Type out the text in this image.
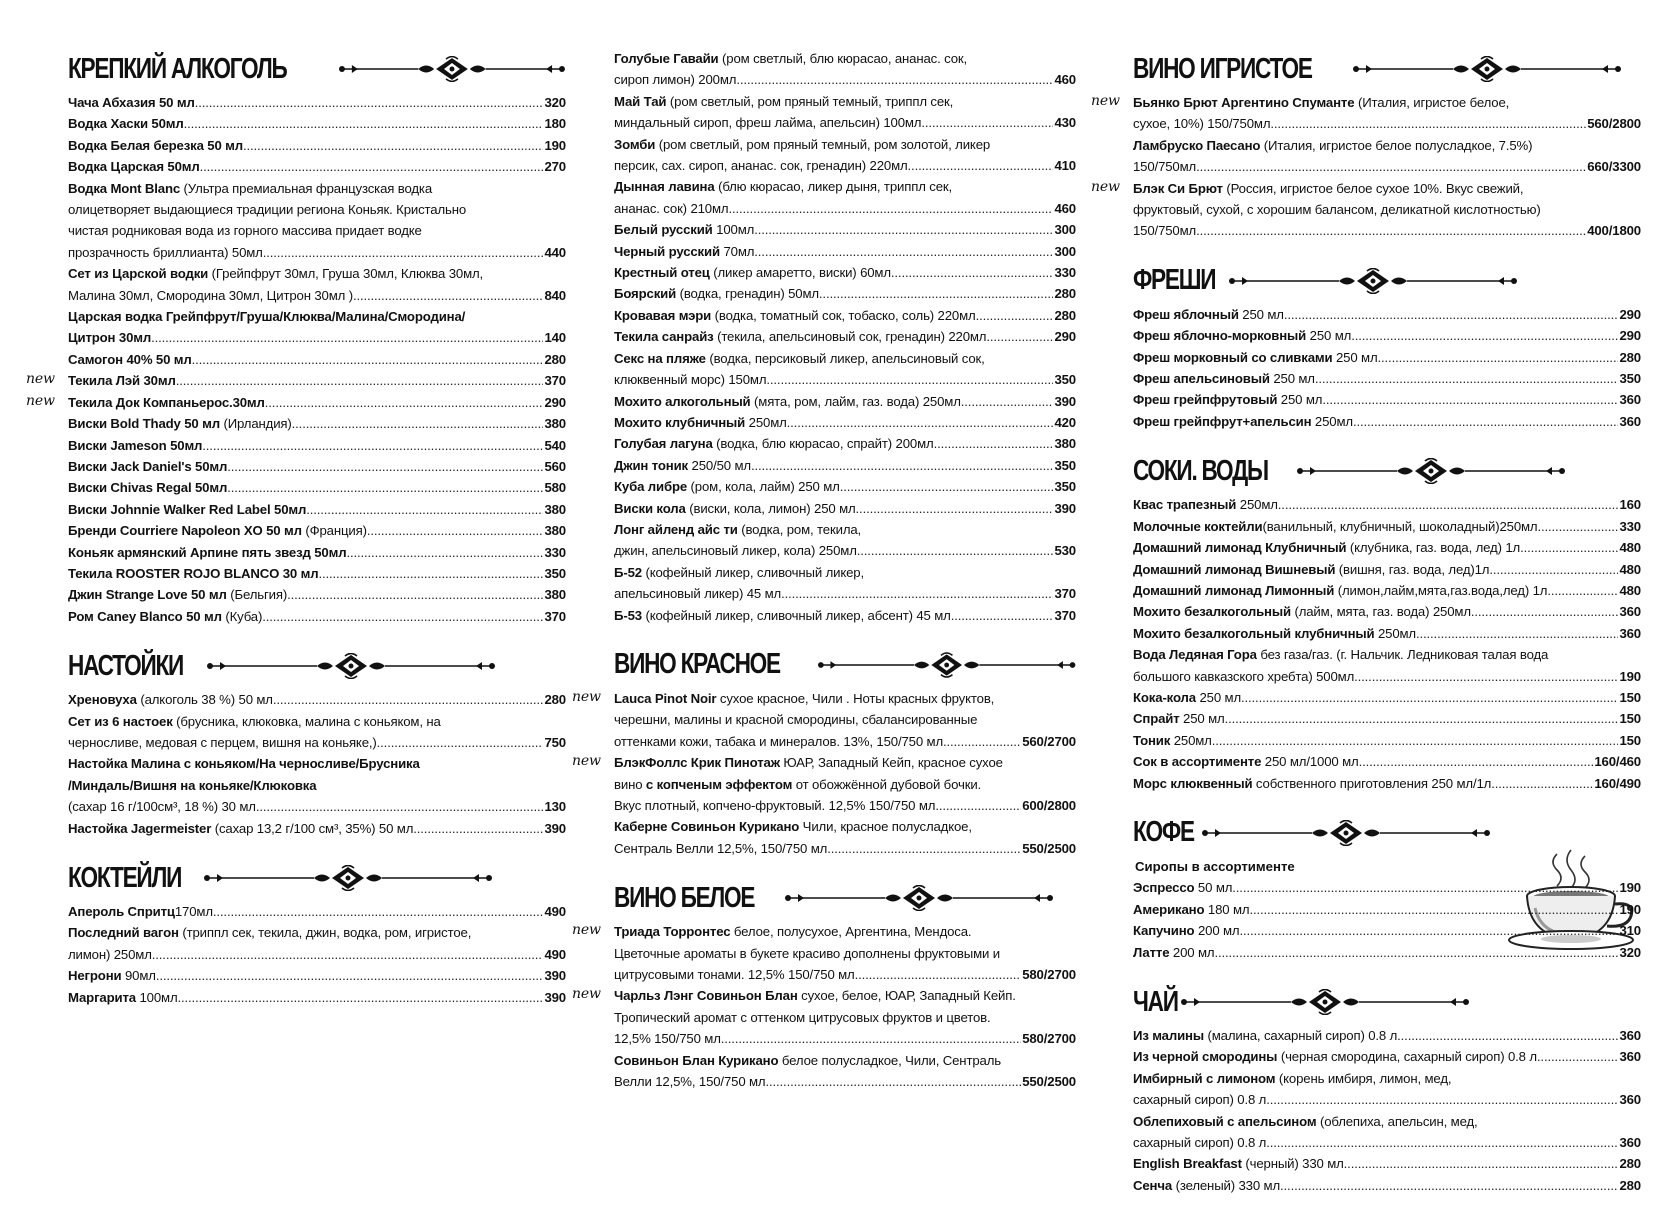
КРЕПКИЙ АЛКОГОЛЬ
Чача Абхазия 50 мл .....	320
Водка Хаски 50мл .....	180
Водка Белая березка 50 мл .....	190
Водка Царская 50мл .....	270
Водка Mont Blanc (Ультра премиальная французская водка
олицетворяет выдающиеся традиции региона Коньяк. Кристально
чистая родниковая вода из горного массива придает водке
прозрачность бриллианта) 50мл .....	440
Сет из Царской водки (Грейпфрут 30мл, Груша 30мл, Клюква 30мл,
Малина 30мл, Смородина 30мл, Цитрон 30мл ) .....	840
Царская водка Грейпфрут/Груша/Клюква/Малина/Смородина/
Цитрон 30мл .....	140
Самогон 40% 50 мл .....	280
new Текила Лэй 30мл .....	370
new Текила Док Компаньерос.30мл .....	290
Виски Bold Thady 50 мл (Ирландия) .....	380
Виски Jameson 50мл .....	540
Виски Jack Daniel's 50мл .....	560
Виски Chivas Regal 50мл .....	580
Виски Johnnie Walker Red Label 50мл .....	380
Бренди Courriere Napoleon XO 50 мл (Франция) .....	380
Коньяк армянский Арпине пять звезд 50мл .....	330
Текила ROOSTER ROJO BLANCO 30 мл .....	350
Джин Strange Love 50 мл (Бельгия) .....	380
Ром Caney Blanco 50 мл (Куба) .....	370
НАСТОЙКИ
Хреновуха (алкоголь 38 %) 50 мл .....	280
Сет из 6 настоек (брусника, клюковка, малина с коньяком, на
черносливе, медовая с перцем, вишня на коньяке,) .....	750
Настойка Малина с коньяком/На черносливе/Брусника
/Миндаль/Вишня на коньяке/Клюковка
(сахар 16 г/100см³, 18 %) 30 мл .....	130
Настойка Jagermeister (сахар 13,2 г/100 см³, 35%) 50 мл .....	390
КОКТЕЙЛИ
Апероль Спритц170мл .....	490
Последний вагон (триппл сек, текила, джин, водка, ром, игристое,
лимон) 250мл .....	490
Негрони 90мл .....	390
Маргарита 100мл .....	390
Голубые Гавайи (ром светлый, блю кюрасао, ананас. сок,
сироп лимон) 200мл .....	460
Май Тай (ром светлый, ром пряный темный, триппл сек,
миндальный сироп, фреш лайма, апельсин) 100мл .....	430
Зомби (ром светлый, ром пряный темный, ром золотой, ликер
персик, сах. сироп, ананас. сок, гренадин) 220мл .....	410
Дынная лавина (блю кюрасао, ликер дыня, триппл сек,
ананас. сок) 210мл .....	460
Белый русский 100мл .....	300
Черный русский 70мл .....	300
Крестный отец (ликер амаретто, виски) 60мл .....	330
Боярский (водка, гренадин) 50мл .....	280
Кровавая мэри (водка, томатный сок, тобаско, соль) 220мл .....	280
Текила санрайз (текила, апельсиновый сок, гренадин) 220мл .....	290
Секс на пляже (водка, персиковый ликер, апельсиновый сок,
клюквенный морс) 150мл .....	350
Мохито алкогольный (мята, ром, лайм, газ. вода) 250мл .....	390
Мохито клубничный 250мл .....	420
Голубая лагуна (водка, блю кюрасао, спрайт) 200мл .....	380
Джин тоник 250/50 мл .....	350
Куба либре (ром, кола, лайм) 250 мл .....	350
Виски кола (виски, кола, лимон) 250 мл .....	390
Лонг айленд айс ти (водка, ром, текила,
джин, апельсиновый ликер, кола) 250мл .....	530
Б-52 (кофейный ликер, сливочный ликер,
апельсиновый ликер) 45 мл .....	370
Б-53 (кофейный ликер, сливочный ликер, абсент) 45 мл .....	370
ВИНО КРАСНОЕ
new Lauca Pinot Noir сухое красное, Чили . Ноты красных фруктов,
черешни, малины и красной смородины, сбалансированные
оттенками кожи, табака и минералов. 13%, 150/750 мл .....	560/2700
new БлэкФоллс Крик Пинотаж ЮАР, Западный Кейп, красное сухое
вино с копченым эффектом от обожжённой дубовой бочки.
Вкус плотный, копчено-фруктовый. 12,5% 150/750 мл .....	600/2800
Каберне Совиньон Курикано Чили, красное полусладкое,
Сентраль Велли 12,5%, 150/750 мл .....	550/2500
ВИНО БЕЛОЕ
new Триада Торронтес белое, полусухое, Аргентина, Мендоса.
Цветочные ароматы в букете красиво дополнены фруктовыми и
цитрусовыми тонами. 12,5% 150/750 мл .....	580/2700
new Чарльз Лэнг Совиньон Блан сухое, белое, ЮАР, Западный Кейп.
Тропический аромат с оттенком цитрусовых фруктов и цветов.
12,5% 150/750 мл .....	580/2700
Совиньон Блан Курикано белое полусладкое, Чили, Сентраль
Велли 12,5%, 150/750 мл .....	550/2500
ВИНО ИГРИСТОЕ
new Бьянко Брют Аргентино Спуманте (Италия, игристое белое,
сухое, 10%) 150/750мл .....	560/2800
Ламбруско Паесано (Италия, игристое белое полусладкое, 7.5%)
150/750мл .....	660/3300
new Блэк Си Брют (Россия, игристое белое сухое 10%. Вкус свежий,
фруктовый, сухой, с хорошим балансом, деликатной кислотностью)
150/750мл .....	400/1800
ФРЕШИ
Фреш яблочный 250 мл .....	290
Фреш яблочно-морковный 250 мл .....	290
Фреш морковный со сливками 250 мл .....	280
Фреш апельсиновый 250 мл .....	350
Фреш грейпфрутовый 250 мл .....	360
Фреш грейпфрут+апельсин 250мл .....	360
СОКИ. ВОДЫ
Квас трапезный 250мл .....	160
Молочные коктейли(ванильный, клубничный, шоколадный)250мл .....	330
Домашний лимонад Клубничный (клубника, газ. вода, лед) 1л .....	480
Домашний лимонад Вишневый (вишня, газ. вода, лед)1л .....	480
Домашний лимонад Лимонный (лимон,лайм,мята,газ.вода,лед) 1л .....	480
Мохито безалкогольный (лайм, мята, газ. вода) 250мл .....	360
Мохито безалкогольный клубничный 250мл .....	360
Вода Ледяная Гора без газа/газ. (г. Нальчик. Ледниковая талая вода
большого кавказского хребта) 500мл .....	190
Кока-кола 250 мл .....	150
Спрайт 250 мл .....	150
Тоник 250мл .....	150
Сок в ассортименте 250 мл/1000 мл .....	160/460
Морс клюквенный собственного приготовления 250 мл/1л .....	160/490
КОФЕ
Сиропы в ассортименте
Эспрессо 50 мл .....	190
Американо 180 мл .....	190
Капучино 200 мл .....	310
Латте 200 мл .....	320
ЧАЙ
Из малины (малина, сахарный сироп) 0.8 л .....	360
Из черной смородины (черная смородина, сахарный сироп) 0.8 л .....	360
Имбирный с лимоном (корень имбиря, лимон, мед,
сахарный сироп) 0.8 л .....	360
Облепиховый с апельсином (облепиха, апельсин, мед,
сахарный сироп) 0.8 л .....	360
English Breakfast (черный) 330 мл .....	280
Сенча (зеленый) 330 мл .....	280
